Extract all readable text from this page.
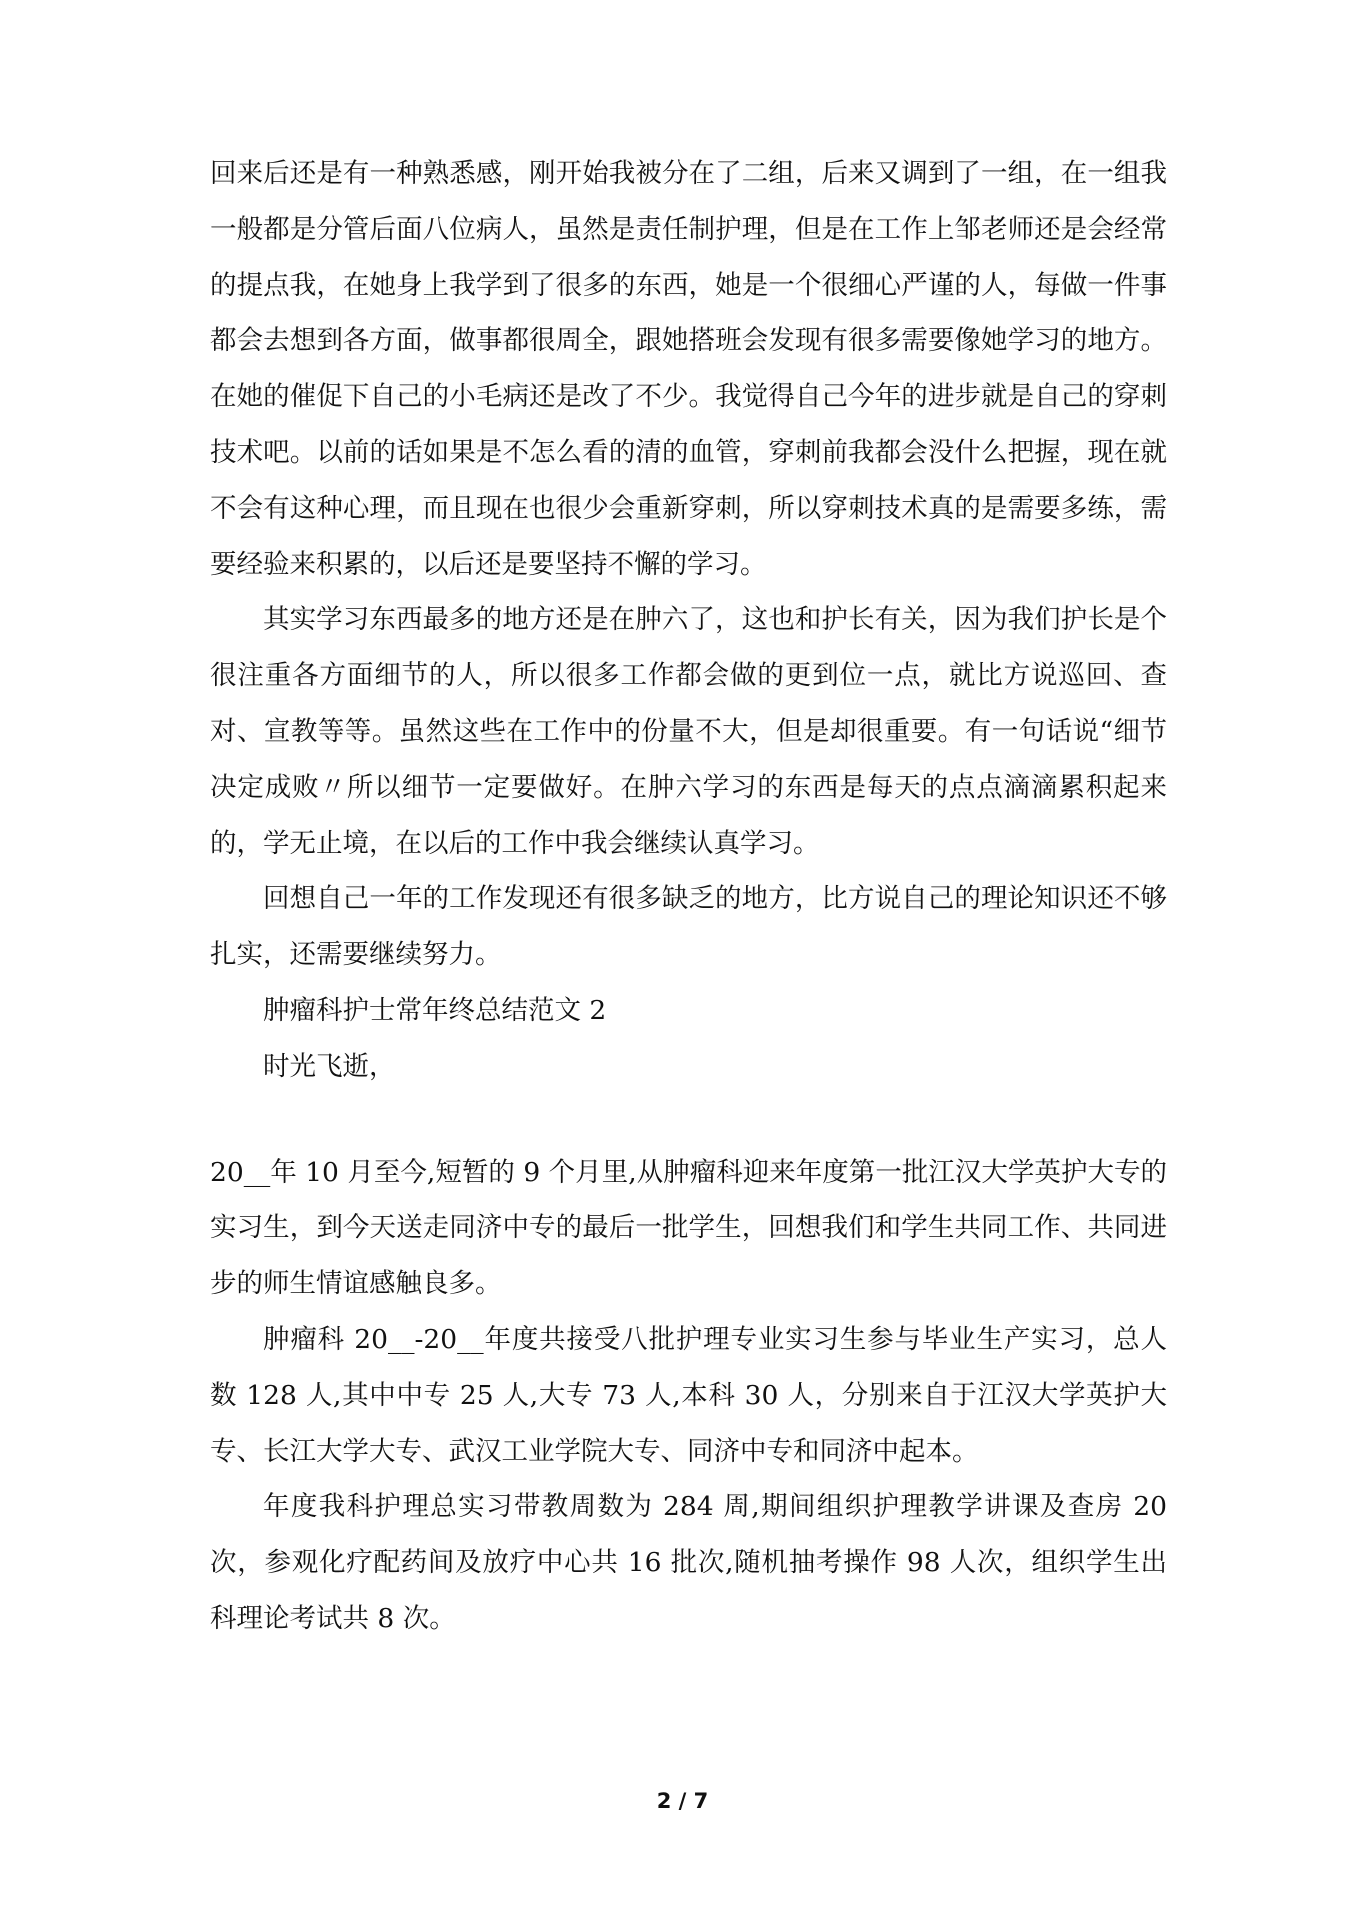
回来后还是有一种熟悉感，刚开始我被分在了二组，后来又调到了一组，在一组我一般都是分管后面八位病人，虽然是责任制护理，但是在工作上邹老师还是会经常的提点我，在她身上我学到了很多的东西，她是一个很细心严谨的人，每做一件事都会去想到各方面，做事都很周全，跟她搭班会发现有很多需要像她学习的地方。在她的催促下自己的小毛病还是改了不少。我觉得自己今年的进步就是自己的穿刺技术吧。以前的话如果是不怎么看的清的血管，穿刺前我都会没什么把握，现在就不会有这种心理，而且现在也很少会重新穿刺，所以穿刺技术真的是需要多练，需要经验来积累的，以后还是要坚持不懈的学习。

其实学习东西最多的地方还是在肿六了，这也和护长有关，因为我们护长是个很注重各方面细节的人，所以很多工作都会做的更到位一点，就比方说巡回、查对、宣教等等。虽然这些在工作中的份量不大，但是却很重要。有一句话说“细节决定成败〃所以细节一定要做好。在肿六学习的东西是每天的点点滴滴累积起来的，学无止境，在以后的工作中我会继续认真学习。

回想自己一年的工作发现还有很多缺乏的地方，比方说自己的理论知识还不够扎实，还需要继续努力。

肿瘤科护士常年终总结范文 2

时光飞逝，

20__年 10 月至今,短暂的 9 个月里,从肿瘤科迎来年度第一批江汉大学英护大专的实习生，到今天送走同济中专的最后一批学生，回想我们和学生共同工作、共同进步的师生情谊感触良多。

肿瘤科 20__-20__年度共接受八批护理专业实习生参与毕业生产实习，总人数 128 人,其中中专 25 人,大专 73 人,本科 30 人，分别来自于江汉大学英护大专、长江大学大专、武汉工业学院大专、同济中专和同济中起本。

年度我科护理总实习带教周数为 284 周,期间组织护理教学讲课及查房 20 次，参观化疗配药间及放疗中心共 16 批次,随机抽考操作 98 人次，组织学生出科理论考试共 8 次。

2 / 7
